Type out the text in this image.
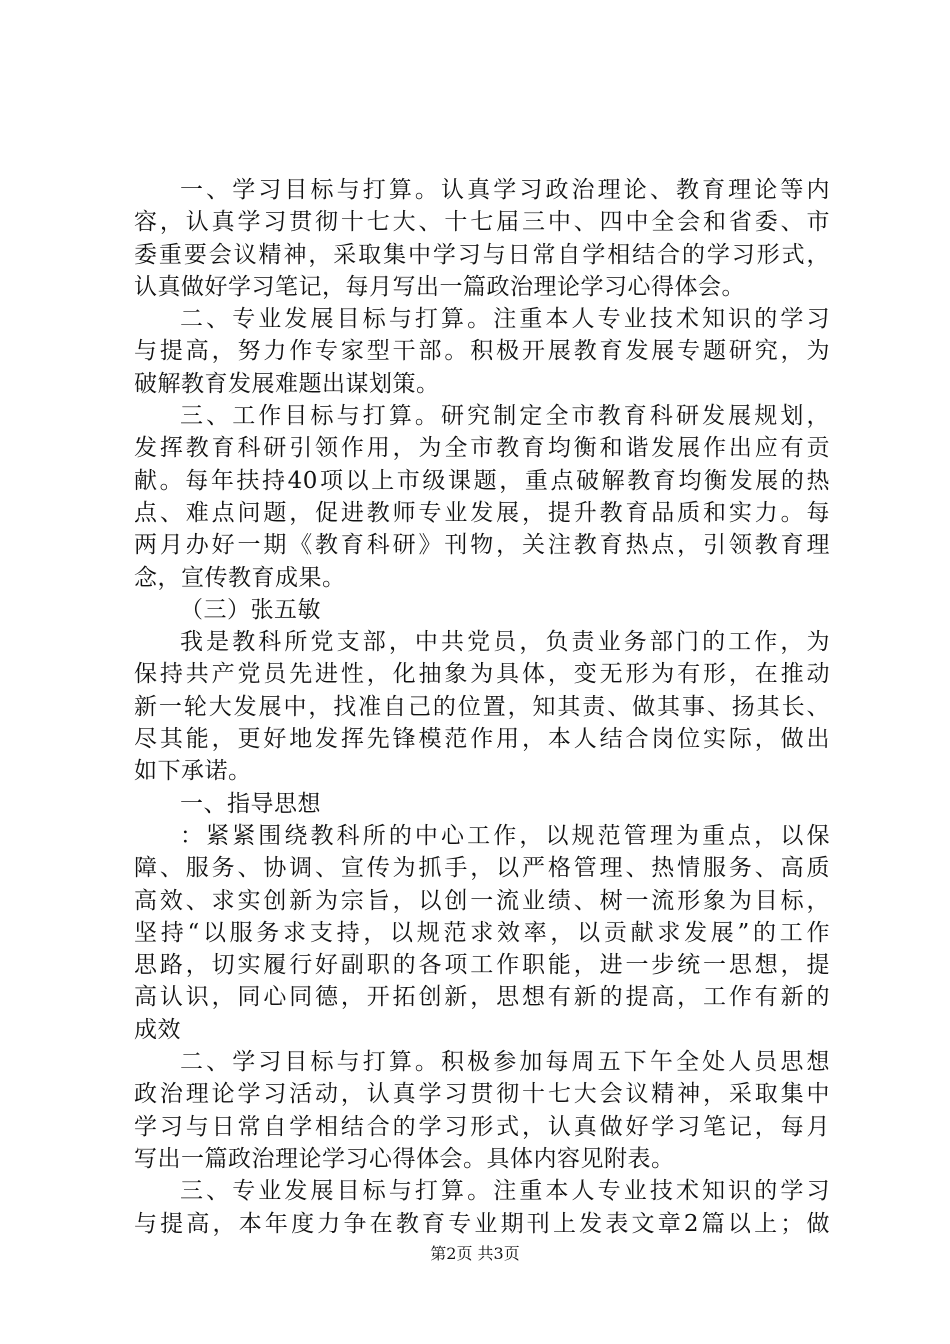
一、学习目标与打算。认真学习政治理论、教育理论等内
容，认真学习贯彻十七大、十七届三中、四中全会和省委、市
委重要会议精神，采取集中学习与日常自学相结合的学习形式，
认真做好学习笔记，每月写出一篇政治理论学习心得体会。
二、专业发展目标与打算。注重本人专业技术知识的学习
与提高，努力作专家型干部。积极开展教育发展专题研究，为
破解教育发展难题出谋划策。
三、工作目标与打算。研究制定全市教育科研发展规划，
发挥教育科研引领作用，为全市教育均衡和谐发展作出应有贡
献。每年扶持40项以上市级课题，重点破解教育均衡发展的热
点、难点问题，促进教师专业发展，提升教育品质和实力。每
两月办好一期《教育科研》刊物，关注教育热点，引领教育理
念，宣传教育成果。
（三）张五敏
我是教科所党支部，中共党员，负责业务部门的工作，为
保持共产党员先进性，化抽象为具体，变无形为有形，在推动
新一轮大发展中，找准自己的位置，知其责、做其事、扬其长、
尽其能，更好地发挥先锋模范作用，本人结合岗位实际，做出
如下承诺。
一、指导思想
：紧紧围绕教科所的中心工作，以规范管理为重点，以保
障、服务、协调、宣传为抓手，以严格管理、热情服务、高质
高效、求实创新为宗旨，以创一流业绩、树一流形象为目标，
坚持“以服务求支持，以规范求效率，以贡献求发展”的工作
思路，切实履行好副职的各项工作职能，进一步统一思想，提
高认识，同心同德，开拓创新，思想有新的提高，工作有新的
成效
二、学习目标与打算。积极参加每周五下午全处人员思想
政治理论学习活动，认真学习贯彻十七大会议精神，采取集中
学习与日常自学相结合的学习形式，认真做好学习笔记，每月
写出一篇政治理论学习心得体会。具体内容见附表。
三、专业发展目标与打算。注重本人专业技术知识的学习
与提高，本年度力争在教育专业期刊上发表文章2篇以上；做
第2页 共3页
